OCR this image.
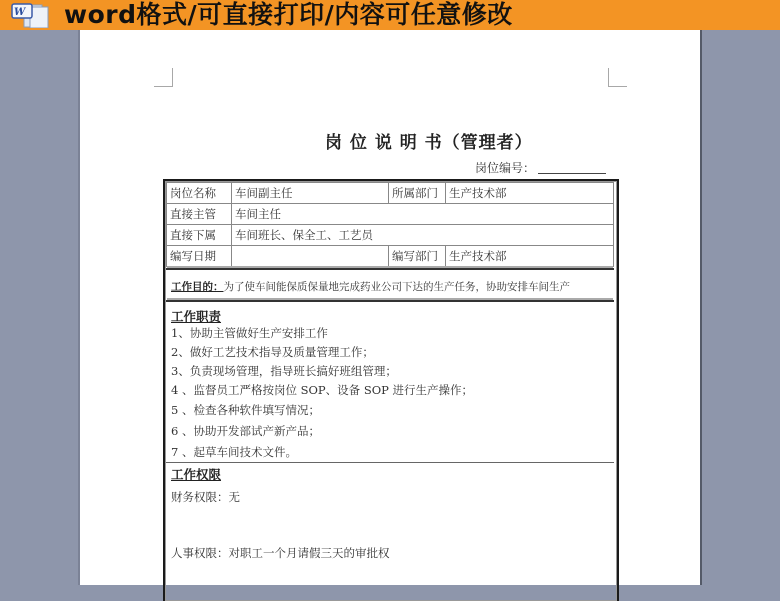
W word格式/可直接打印/内容可任意修改
岗 位 说 明 书（管理者）
岗位编号：
岗位名称	车间副主任	所属部门	生产技术部
直接主管	车间主任		
直接下属	车间班长、保全工、工艺员		
编写日期		编写部门	生产技术部
工作目的：为了使车间能保质保量地完成药业公司下达的生产任务，协助安排车间生产
工作职责
1、协助主管做好生产安排工作
2、做好工艺技术指导及质量管理工作；
3、负责现场管理，指导班长搞好班组管理；
4 、监督员工严格按岗位 SOP、设备 SOP 进行生产操作；
5 、检查各种软件填写情况；
6 、协助开发部试产新产品；
7 、起草车间技术文件。
工作权限
财务权限：无
人事权限：对职工一个月请假三天的审批权
